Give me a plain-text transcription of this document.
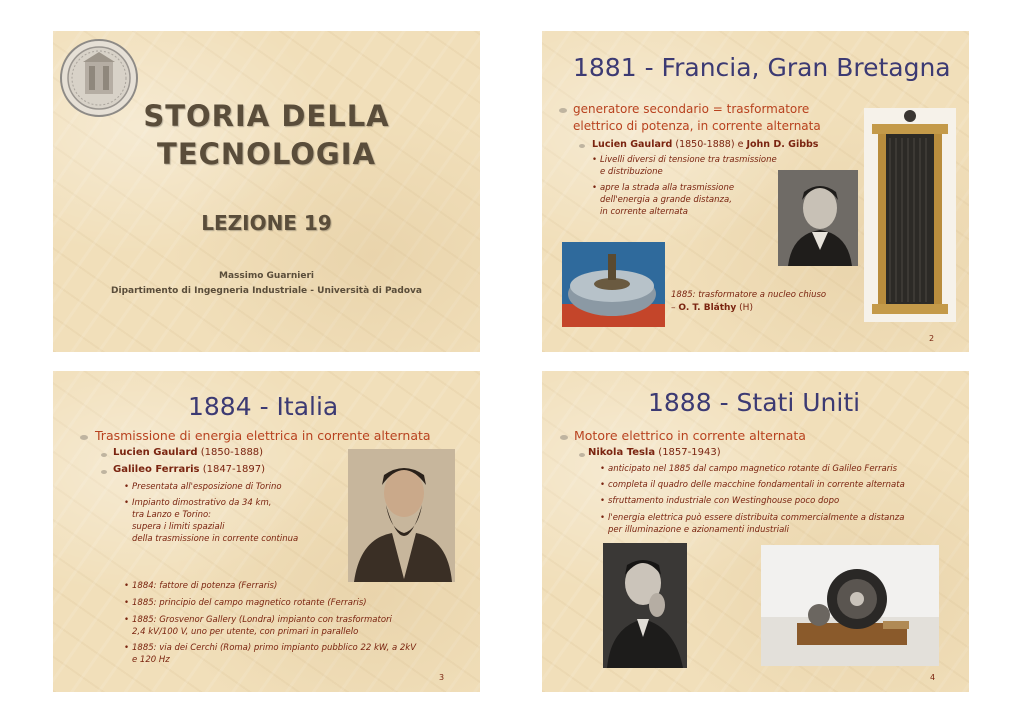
STORIA DELLA
TECNOLOGIA
LEZIONE 19
Massimo Guarnieri
Dipartimento di Ingegneria Industriale - Università di Padova
1881 - Francia, Gran Bretagna
generatore secondario = trasformatore
elettrico di potenza, in corrente alternata
Lucien Gaulard (1850-1888) e John D. Gibbs
• Livelli diversi di tensione tra trasmissione
e distribuzione
• apre la strada alla trasmissione
dell'energia a grande distanza,
in corrente alternata
1885: trasformatore a nucleo chiuso
– O. T. Bláthy (H)
2
1884 - Italia
Trasmissione di energia elettrica in corrente alternata
Lucien Gaulard (1850-1888)
Galileo Ferraris (1847-1897)
• Presentata all'esposizione di Torino
• Impianto dimostrativo da 34 km,
tra Lanzo e Torino:
supera i limiti spaziali
della trasmissione in corrente continua
• 1884: fattore di potenza (Ferraris)
• 1885: principio del campo magnetico rotante (Ferraris)
• 1885: Grosvenor Gallery (Londra) impianto con trasformatori
2,4 kV/100 V, uno per utente, con primari in parallelo
• 1885: via dei Cerchi (Roma) primo impianto pubblico 22 kW, a 2kV
e 120 Hz
3
1888 - Stati Uniti
Motore elettrico in corrente alternata
Nikola Tesla (1857-1943)
• anticipato nel 1885 dal campo magnetico rotante di Galileo Ferraris
• completa il quadro delle macchine fondamentali in corrente alternata
• sfruttamento industriale con Westinghouse poco dopo
• l'energia elettrica può essere distribuita commercialmente a distanza
per illuminazione e azionamenti industriali
4
